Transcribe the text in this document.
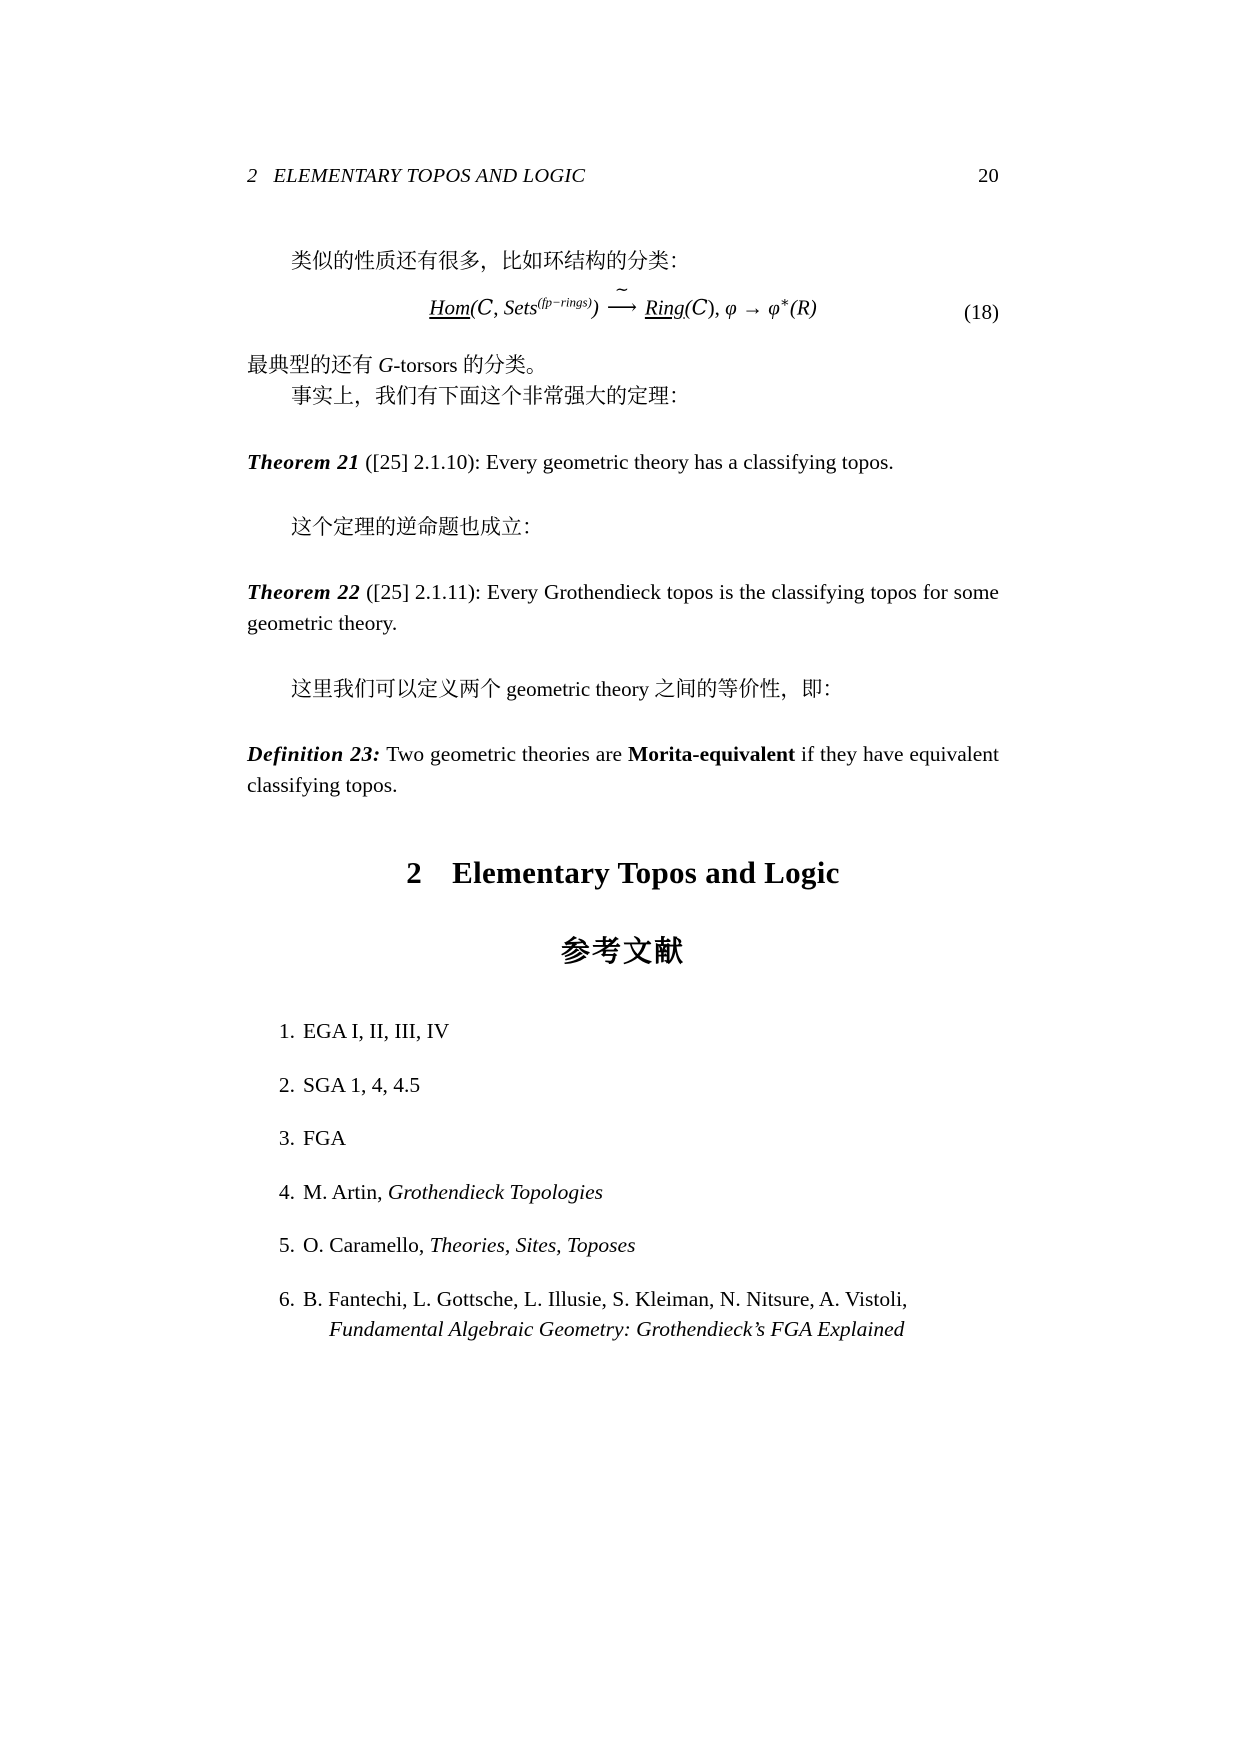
2   ELEMENTARY TOPOS AND LOGIC	20

类似的性质还有很多，比如环结构的分类：

Hom(C, Sets$^{(fp-rings)}$)
∼
⟶ Ring(C), φ → φ∗(R)	(18)

最典型的还有 G-torsors 的分类。

事实上，我们有下面这个非常强大的定理：

Theorem 21 ([25] 2.1.10): Every geometric theory has a classifying topos.

这个定理的逆命题也成立：

Theorem 22 ([25] 2.1.11): Every Grothendieck topos is the classifying topos for some geometric theory.

这里我们可以定义两个 geometric theory 之间的等价性，即：

Definition 23: Two geometric theories are Morita-equivalent if they have equivalent classifying topos.

2 Elementary Topos and Logic
参考文献
1. EGA I, II, III, IV
2. SGA 1, 4, 4.5
3. FGA
4. M. Artin, Grothendieck Topologies
5. O. Caramello, Theories, Sites, Toposes
6. B. Fantechi, L. Gottsche, L. Illusie, S. Kleiman, N. Nitsure, A. Vistoli,
Fundamental Algebraic Geometry: Grothendieck’s FGA Explained
